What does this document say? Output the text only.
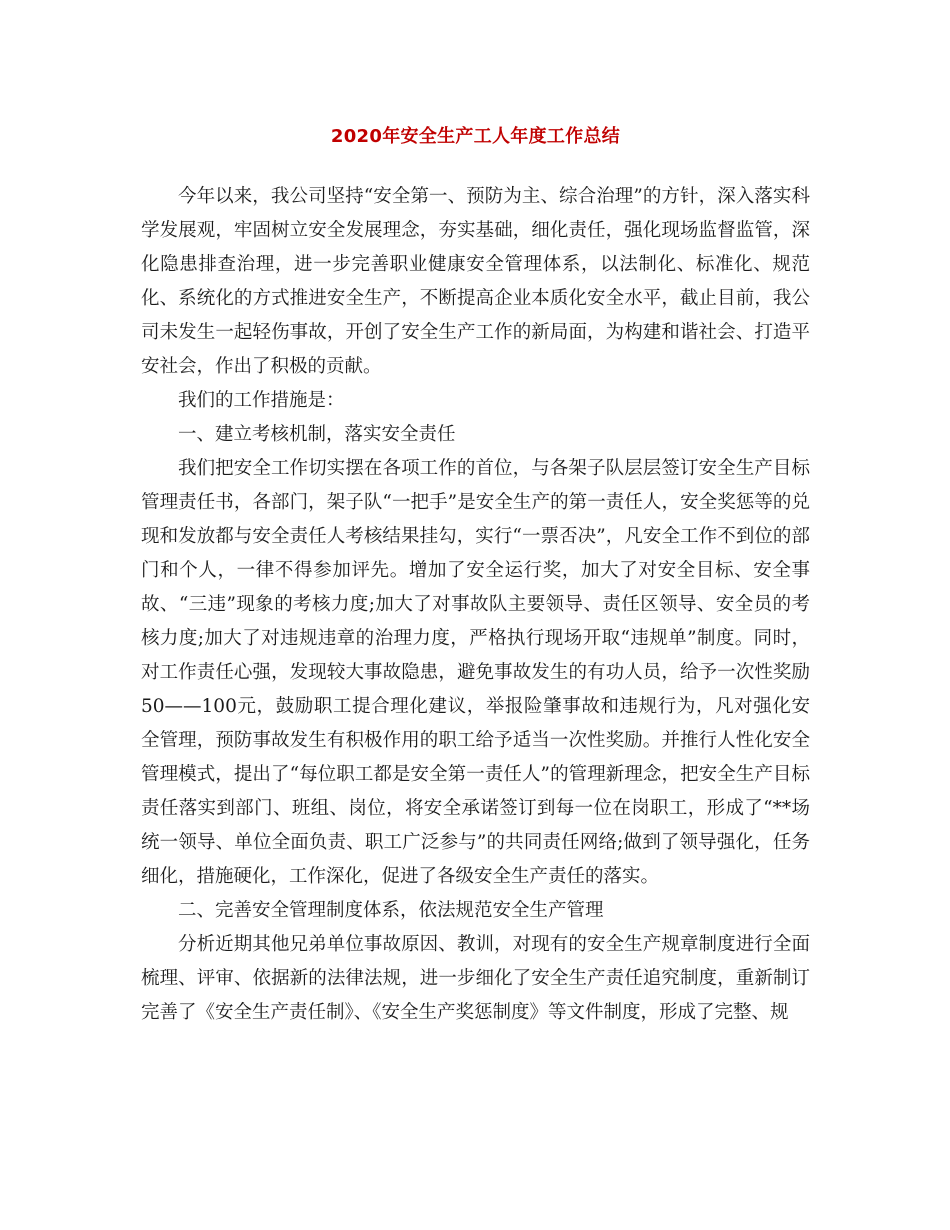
2020年安全生产工人年度工作总结

今年以来，我公司坚持“安全第一、预防为主、综合治理”的方针，深入落实科学发展观，牢固树立安全发展理念，夯实基础，细化责任，强化现场监督监管，深化隐患排查治理，进一步完善职业健康安全管理体系，以法制化、标准化、规范化、系统化的方式推进安全生产，不断提高企业本质化安全水平，截止目前，我公司未发生一起轻伤事故，开创了安全生产工作的新局面，为构建和谐社会、打造平安社会，作出了积极的贡献。

我们的工作措施是：

一、建立考核机制，落实安全责任

我们把安全工作切实摆在各项工作的首位，与各架子队层层签订安全生产目标管理责任书，各部门，架子队“一把手”是安全生产的第一责任人，安全奖惩等的兑现和发放都与安全责任人考核结果挂勾，实行“一票否决”，凡安全工作不到位的部门和个人，一律不得参加评先。增加了安全运行奖，加大了对安全目标、安全事故、“三违”现象的考核力度;加大了对事故队主要领导、责任区领导、安全员的考核力度;加大了对违规违章的治理力度，严格执行现场开取“违规单”制度。同时，对工作责任心强，发现较大事故隐患，避免事故发生的有功人员，给予一次性奖励50——100元，鼓励职工提合理化建议，举报险肇事故和违规行为，凡对强化安全管理，预防事故发生有积极作用的职工给予适当一次性奖励。并推行人性化安全管理模式，提出了“每位职工都是安全第一责任人”的管理新理念，把安全生产目标责任落实到部门、班组、岗位，将安全承诺签订到每一位在岗职工，形成了“**场统一领导、单位全面负责、职工广泛参与”的共同责任网络;做到了领导强化，任务细化，措施硬化，工作深化，促进了各级安全生产责任的落实。

二、完善安全管理制度体系，依法规范安全生产管理

分析近期其他兄弟单位事故原因、教训，对现有的安全生产规章制度进行全面梳理、评审、依据新的法律法规，进一步细化了安全生产责任追究制度，重新制订完善了《安全生产责任制》、《安全生产奖惩制度》等文件制度，形成了完整、规
